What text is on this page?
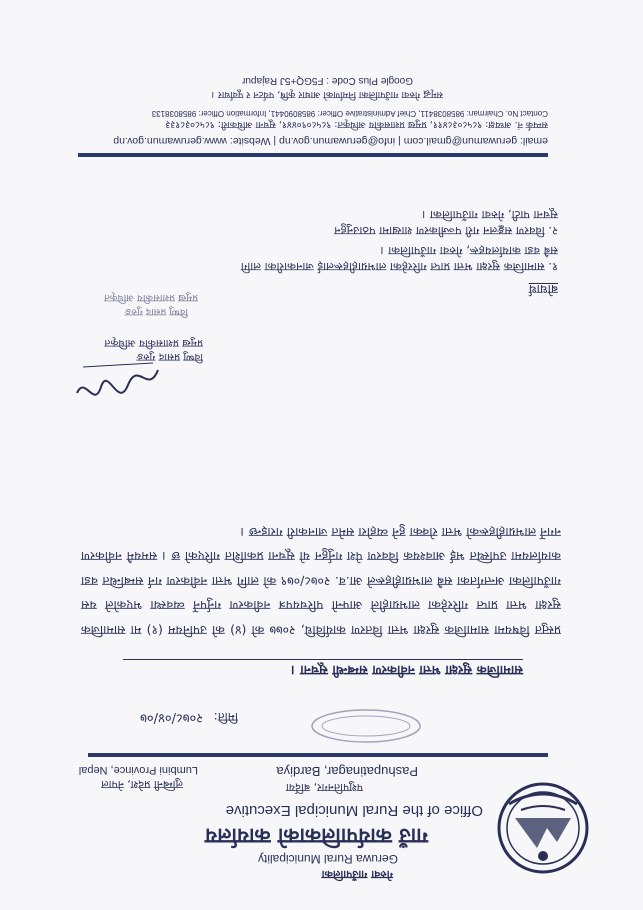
गेरुवा गाउँपालिका
Geruwa Rural Municipality
गाउँ कार्यपालिकाको कार्यालय
Office of the Rural Municipal Executive
पशुपतिनगर, बर्दिया
Pashupatinagar, Bardiya
लुम्बिनी प्रदेश, नेपाल
Lumbini Province, Nepal
मिति:
२०७८/०४/०७
सामाजिक सुरक्षा भत्ता नवीकरण सम्बन्धी सूचना ।
प्रस्तुत विषयमा सामाजिक सुरक्षा भत्ता वितरण कार्यविधि, २०७७ को (४) को उपनियम (१) मा सामाजिक सुरक्षा भत्ता प्राप्त गरिरहेका लाभग्राहीले आफ्नो परिचयपत्र नवीकरण गर्नुपर्ने व्यवस्था भएकोले यस गाउँपालिका अन्तर्गतका सबै लाभग्राहीहरूले आ.व. २०७८/०७९ को लागि भत्ता नवीकरण गर्न सम्बन्धित वडा कार्यालयमा उपस्थित भई आवश्यक विवरण पेश गर्नुहुन यो सूचना प्रकाशित गरिएको छ । समयमै नवीकरण नगर्ने लाभग्राहीहरूको भत्ता रोक्का हुने व्यहोरा समेत जानकारी गराइन्छ ।
विष्णु प्रसाद गुरुङ
प्रमुख प्रशासकीय अधिकृत
विष्णु प्रसाद गुरुङ
प्रमुख प्रशासकीय अधिकृत
बोधार्थ
१. सामाजिक सुरक्षा भत्ता प्राप्त गरिरहेका लाभग्राहीहरूलाई जानकारीका लागि
सबै वडा कार्यालयहरू, गेरुवा गाउँपालिका ।
२. विवरण सङ्कलन गरी पञ्जीकरण शाखामा पठाउनुहुन
सूचना पाटी, गेरुवा गाउँपालिका ।
email: geruwamun@gmail.com | info@geruwamun.gov.np | Website: www.geruwamun.gov.np
सम्पर्क नं. अध्यक्ष: ९८५८०३८४११, प्रमुख प्रशासकीय अधिकृत: ९८५८०९०४४१, सूचना अधिकारी: ९८५८०३८१३३
Contact No. Chairman: 9858038411, Chief Administrative Officer: 9858090441, Information Officer: 9858038133
समृद्ध गेरुवा गाउँपालिका निर्माणको आधार कृषि, पर्यटन र पूर्वाधार ।
Google Plus Code : F5GQ+5J Rajapur
